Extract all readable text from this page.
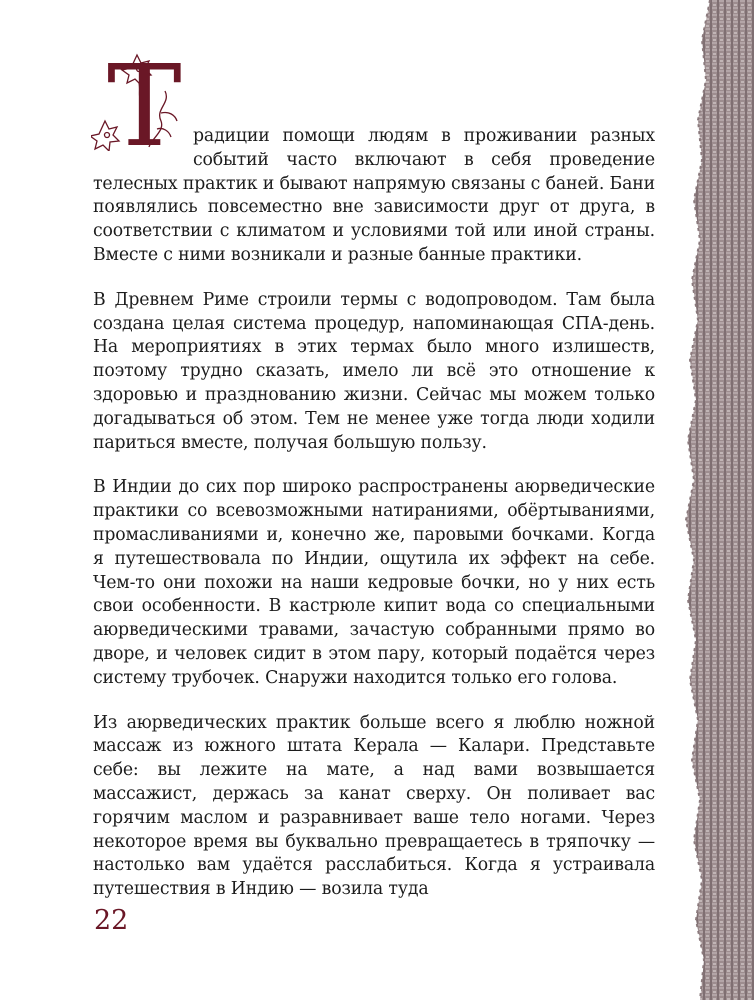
Т радиции помощи людям в проживании разных событий часто включают в себя проведение телесных практик и бывают напрямую связаны с баней. Бани появлялись повсеместно вне зависимости друг от друга, в соответствии с климатом и условиями той или иной страны. Вместе с ними возникали и разные банные практики.

В Древнем Риме строили термы с водопроводом. Там была создана целая система процедур, напоминающая СПА-день. На мероприятиях в этих термах было много излишеств, поэтому трудно сказать, имело ли всё это отношение к здоровью и празднованию жизни. Сейчас мы можем только догадываться об этом. Тем не менее уже тогда люди ходили париться вместе, получая большую пользу.

В Индии до сих пор широко распространены аюрведические практики со всевозможными натираниями, обёртываниями, промасливаниями и, конечно же, паровыми бочками. Когда я путешествовала по Индии, ощутила их эффект на себе. Чем-то они похожи на наши кедровые бочки, но у них есть свои особенности. В кастрюле кипит вода со специальными аюрведическими травами, зачастую собранными прямо во дворе, и человек сидит в этом пару, который подаётся через систему трубочек. Снаружи находится только его голова.

Из аюрведических практик больше всего я люблю ножной массаж из южного штата Керала — Калари. Представьте себе: вы лежите на мате, а над вами возвышается массажист, держась за канат сверху. Он поливает вас горячим маслом и разравнивает ваше тело ногами. Через некоторое время вы буквально превращаетесь в тряпочку — настолько вам удаётся расслабиться. Когда я устраивала путешествия в Индию — возила туда

22
